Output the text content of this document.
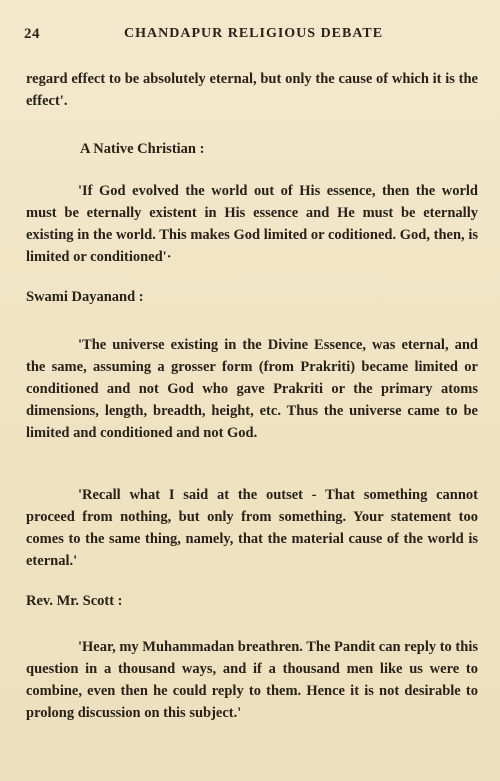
24	CHANDAPUR RELIGIOUS DEBATE

regard effect to be absolutely eternal, but only the cause of which it is the effect'.

A Native Christian :

'If God evolved the world out of His essence, then the world must be eternally existent in His essence and He must be eternally existing in the world. This makes God limited or coditioned. God, then, is limited or conditioned'·

Swami Dayanand :

'The universe existing in the Divine Essence, was eternal, and the same, assuming a grosser form (from Prakriti) became limited or conditioned and not God who gave Prakriti or the primary atoms dimensions, length, breadth, height, etc. Thus the universe came to be limited and conditioned and not God.

'Recall what I said at the outset - That something cannot proceed from nothing, but only from something. Your statement too comes to the same thing, namely, that the material cause of the world is eternal.'

Rev. Mr. Scott :

'Hear, my Muhammadan breathren. The Pandit can reply to this question in a thousand ways, and if a thousand men like us were to combine, even then he could reply to them. Hence it is not desirable to prolong discussion on this subject.'
